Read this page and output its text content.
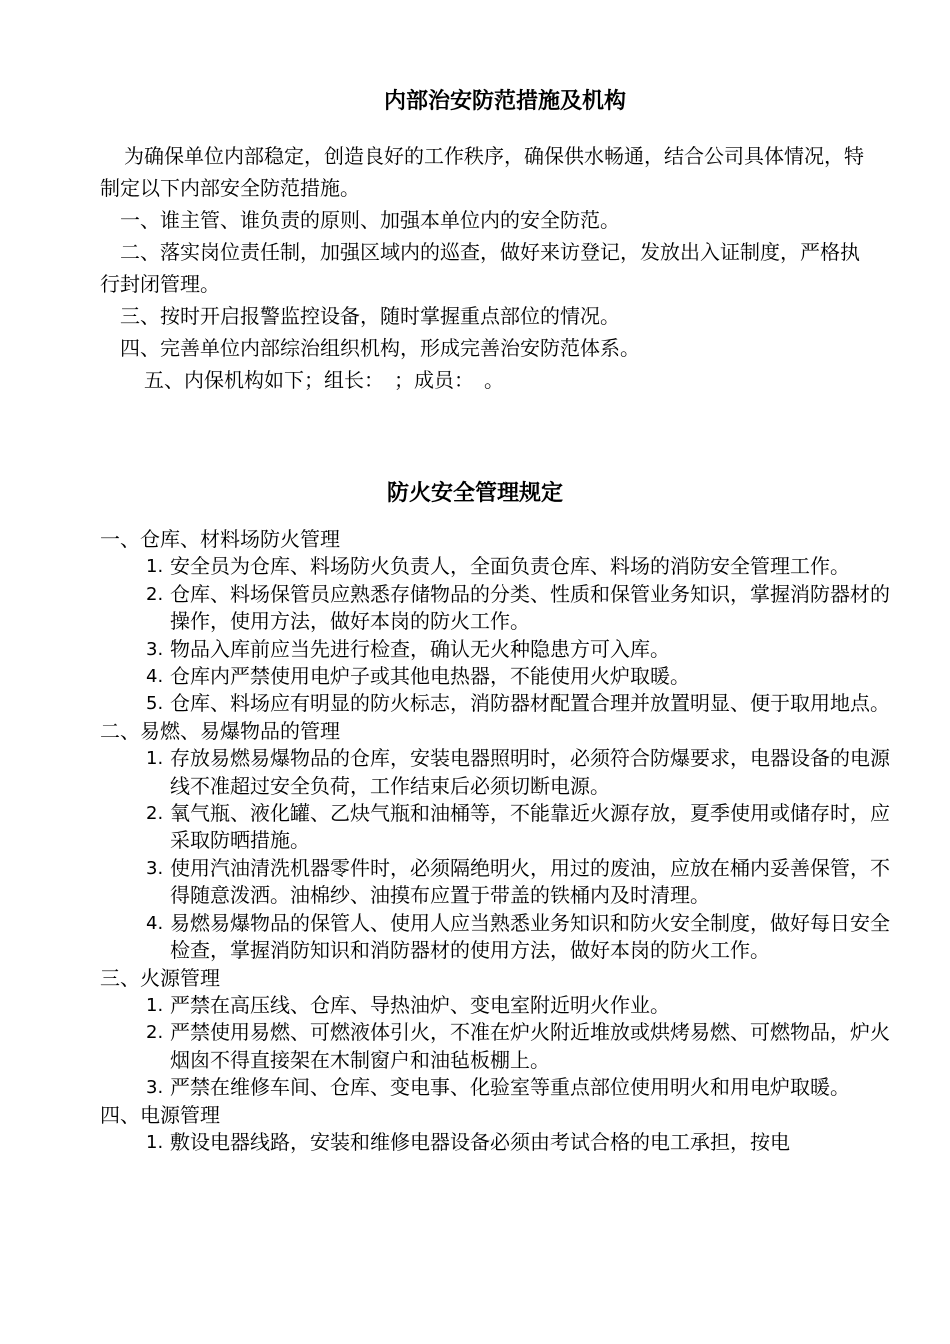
内部治安防范措施及机构

为确保单位内部稳定，创造良好的工作秩序，确保供水畅通，结合公司具体情况，特制定以下内部安全防范措施。

一、谁主管、谁负责的原则、加强本单位内的安全防范。

二、落实岗位责任制，加强区域内的巡查，做好来访登记，发放出入证制度，严格执行封闭管理。

三、按时开启报警监控设备，随时掌握重点部位的情况。

四、完善单位内部综治组织机构，形成完善治安防范体系。

五、内保机构如下；组长：　；成员：　。

防火安全管理规定

一、仓库、材料场防火管理

1. 安全员为仓库、料场防火负责人，全面负责仓库、料场的消防安全管理工作。
2. 仓库、料场保管员应熟悉存储物品的分类、性质和保管业务知识，掌握消防器材的操作，使用方法，做好本岗的防火工作。
3. 物品入库前应当先进行检查，确认无火种隐患方可入库。
4. 仓库内严禁使用电炉子或其他电热器，不能使用火炉取暖。
5. 仓库、料场应有明显的防火标志，消防器材配置合理并放置明显、便于取用地点。

二、易燃、易爆物品的管理

1. 存放易燃易爆物品的仓库，安装电器照明时，必须符合防爆要求，电器设备的电源线不准超过安全负荷，工作结束后必须切断电源。
2. 氧气瓶、液化罐、乙炔气瓶和油桶等，不能靠近火源存放，夏季使用或储存时，应采取防晒措施。
3. 使用汽油清洗机器零件时，必须隔绝明火，用过的废油，应放在桶内妥善保管，不得随意泼洒。油棉纱、油摸布应置于带盖的铁桶内及时清理。
4. 易燃易爆物品的保管人、使用人应当熟悉业务知识和防火安全制度，做好每日安全检查，掌握消防知识和消防器材的使用方法，做好本岗的防火工作。

三、火源管理

1. 严禁在高压线、仓库、导热油炉、变电室附近明火作业。
2. 严禁使用易燃、可燃液体引火，不准在炉火附近堆放或烘烤易燃、可燃物品，炉火烟囱不得直接架在木制窗户和油毡板棚上。
3. 严禁在维修车间、仓库、变电事、化验室等重点部位使用明火和用电炉取暖。

四、电源管理

1. 敷设电器线路，安装和维修电器设备必须由考试合格的电工承担，按电
